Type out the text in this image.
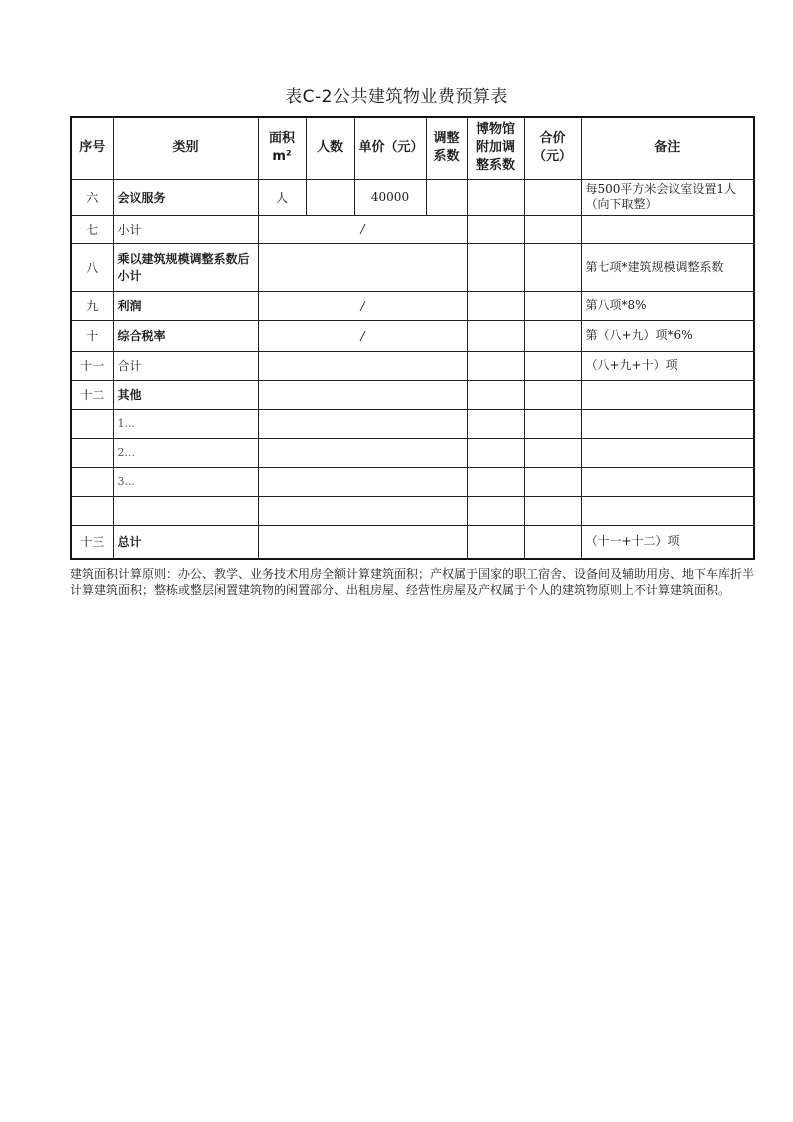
表C-2公共建筑物业费预算表
序号	类别	面积m²	人数	单价（元）	调整系数	博物馆附加调整系数	合价（元）	备注
六	会议服务	人		40000				每500平方米会议室设置1人（向下取整）
七	小计	/						
八	乘以建筑规模调整系数后小计							第七项*建筑规模调整系数
九	利润	/						第八项*8%
十	综合税率	/						第（八+九）项*6%
十一	合计							（八+九+十）项
十二	其他							
	1...							
	2...							
	3...							

十三	总计							（十一+十二）项
建筑面积计算原则：办公、教学、业务技术用房全额计算建筑面积；产权属于国家的职工宿舍、设备间及辅助用房、地下车库折半计算建筑面积；整栋或整层闲置建筑物的闲置部分、出租房屋、经营性房屋及产权属于个人的建筑物原则上不计算建筑面积。
